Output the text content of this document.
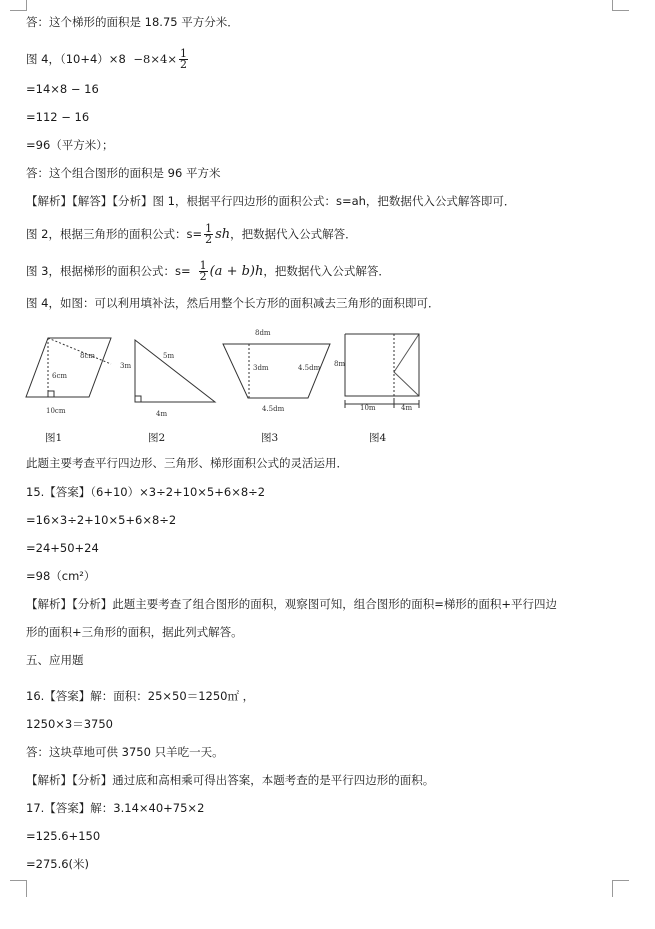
答：这个梯形的面积是 18.75 平方分米．
图 4，$(10+4)\times 8 -8\times 4\times \frac{1}{2}$
=14×8 − 16
=112 − 16
=96（平方米）；
答：这个组合图形的面积是 96 平方米
【解析】【解答】【分析】图 1，根据平行四边形的面积公式：s=ah，把数据代入公式解答即可．
图 2，根据三角形的面积公式：$s= \frac{1}{2}$ sh，把数据代入公式解答．
图 3，根据梯形的面积公式：$s= \frac{1}{2} (a + b)h$，把数据代入公式解答．
图 4，如图：可以利用填补法，然后用整个长方形的面积减去三角形的面积即可．
8cm
6cm
10cm
5m
3m
4m
8dm
3dm	4.5dm
4.5dm
8m
10m	4m
图1	图2	图3	图4
此题主要考查平行四边形、三角形、梯形面积公式的灵活运用．
15.【答案】（6+10）×3÷2+10×5+6×8÷2
=16×3÷2+10×5+6×8÷2
=24+50+24
=98（cm²）
【解析】【分析】此题主要考查了组合图形的面积，观察图可知，组合图形的面积=梯形的面积+平行四边
形的面积+三角形的面积，据此列式解答。
五、应用题
16.【答案】解：面积：25×50＝1250㎡ ，
1250×3＝3750
答：这块草地可供 3750 只羊吃一天。
【解析】【分析】通过底和高相乘可得出答案，本题考查的是平行四边形的面积。
17.【答案】解：3.14×40+75×2
=125.6+150
=275.6(米)
